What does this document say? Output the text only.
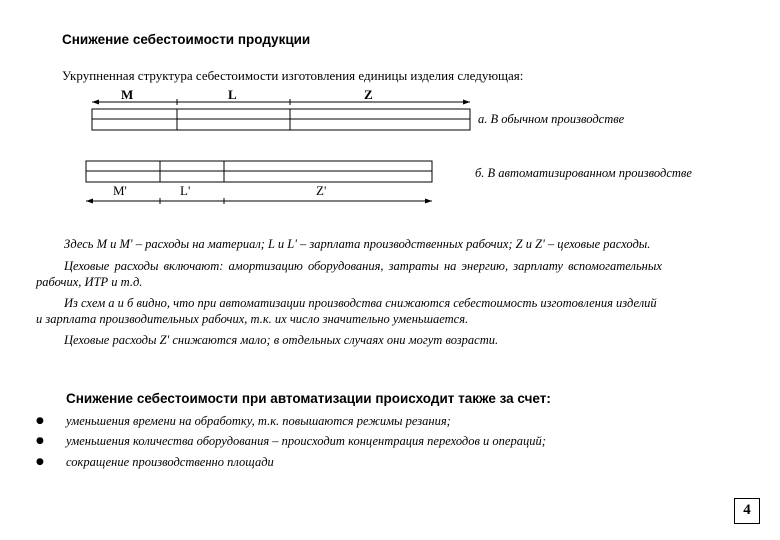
Снижение себестоимости продукции
Укрупненная структура себестоимости изготовления единицы изделия следующая:
M	L	Z
а. В обычном производстве
б. В автоматизированном производстве
M'	L'	Z'
Здесь M и M' – расходы на материал; L и L' – зарплата производственных рабочих; Z и Z' – цеховые расходы.
Цеховые расходы включают: амортизацию оборудования, затраты на энергию, зарплату вспомогательных
рабочих, ИТР и т.д.
Из схем а и б видно, что при автоматизации производства снижаются себестоимость изготовления изделий
и зарплата производительных рабочих, т.к. их число значительно уменьшается.
Цеховые расходы Z' снижаются мало; в отдельных случаях они могут возрасти.
Снижение себестоимости при автоматизации происходит также за счет:
● уменьшения времени на обработку, т.к. повышаются режимы резания;
● уменьшения количества оборудования – происходит концентрация переходов и операций;
● сокращение производственно площади
4
